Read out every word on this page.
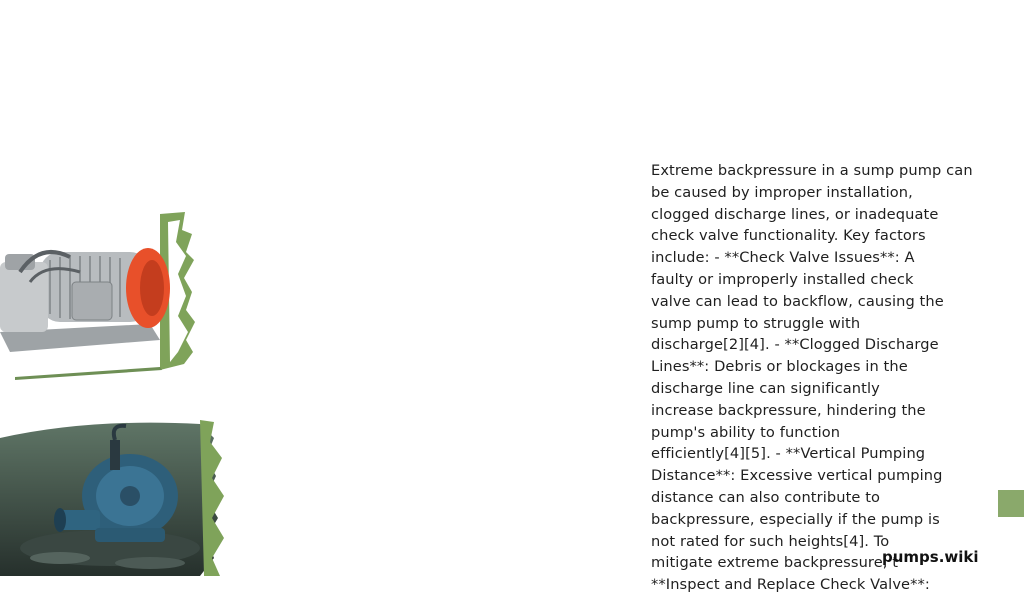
Extreme backpressure in a sump pump can
be caused by improper installation,
clogged discharge lines, or inadequate
check valve functionality. Key factors
include: - **Check Valve Issues**: A
faulty or improperly installed check
valve can lead to backflow, causing the
sump pump to struggle with
discharge[2][4]. - **Clogged Discharge
Lines**: Debris or blockages in the
discharge line can significantly
increase backpressure, hindering the
pump's ability to function
efficiently[4][5]. - **Vertical Pumping
Distance**: Excessive vertical pumping
distance can also contribute to
backpressure, especially if the pump is
not rated for such heights[4]. To
mitigate extreme backpressure, t
**Inspect and Replace Check Valve**:
pumps.wiki
